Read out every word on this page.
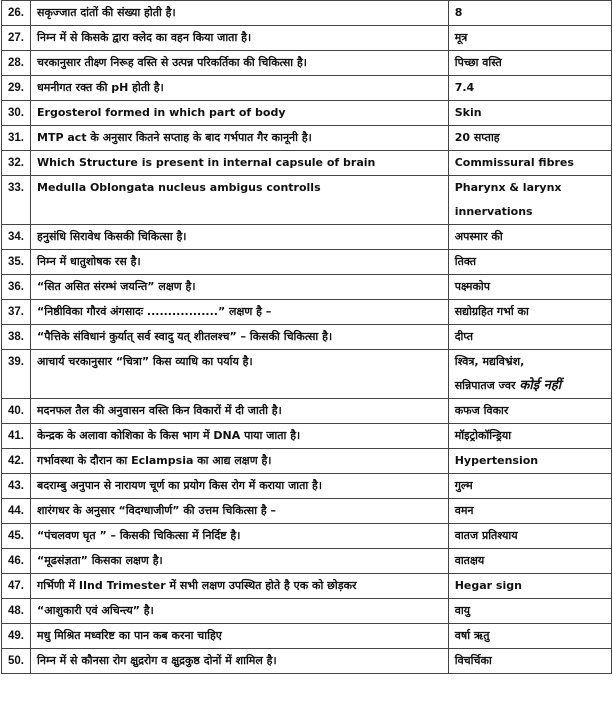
26.	सकृज्जात दांतों की संख्या होती है।	8
27.	निम्न में से किसके द्वारा क्लेद का वहन किया जाता है।	मूत्र
28.	चरकानुसार तीक्ष्ण निरूह वस्ति से उत्पन्न परिकर्तिका की चिकित्सा है।	पिच्छा वस्ति
29.	धमनीगत रक्त की pH होती है।	7.4
30.	Ergosterol formed in which part of body	Skin
31.	MTP act के अनुसार कितने सप्ताह के बाद गर्भपात गैर कानूनी है।	20 सप्ताह
32.	Which Structure is present in internal capsule of brain	Commissural fibres
33.	Medulla Oblongata nucleus ambigus controlls	Pharynx & larynx innervations
34.	हनुसंधि सिरावेध किसकी चिकित्सा है।	अपस्मार की
35.	निम्न में धातुशोषक रस है।	तिक्त
36.	“सित असित संरम्भं जयन्ति” लक्षण है।	पक्ष्मकोप
37.	“निष्ठीविका गौरवं अंगसादः .................” लक्षण है –	सद्योग्रहित गर्भा का
38.	“पैत्तिके संविधानं कुर्यात् सर्व स्वादु यत् शीतलश्च” – किसकी चिकित्सा है।	दीप्त
39.	आचार्य चरकानुसार “चित्रा” किस व्याधि का पर्याय है।	श्वित्र, मद्यविभ्रंश,
सन्निपातज ज्वर कोई नहीं

40.	मदनफल तैल की अनुवासन वस्ति किन विकारों में दी जाती है।	कफज विकार
41.	केन्द्रक के अलावा कोशिका के किस भाग में DNA पाया जाता है।	मॉइट्रोकॉन्ड्रिया
42.	गर्भावस्था के दौरान का Eclampsia का आद्य लक्षण है।	Hypertension
43.	बदराम्बु अनुपान से नारायण चूर्ण का प्रयोग किस रोग में कराया जाता है।	गुल्म
44.	शारंगधर के अनुसार “विदग्धाजीर्ण” की उत्तम चिकित्सा है –	वमन
45.	“पंचलवण घृत ” – किसकी चिकित्सा में निर्दिष्ट है।	वातज प्रतिश्याय
46.	“मूढसंज्ञता” किसका लक्षण है।	वातक्षय
47.	गर्भिणी में IInd Trimester में सभी लक्षण उपस्थित होते है एक को छोड़कर	Hegar sign
48.	“आशुकारी एवं अचिन्त्य” है।	वायु
49.	मधु मिश्रित मध्वरिष्ट का पान कब करना चाहिए	वर्षा ऋतु
50.	निम्न में से कौनसा रोग क्षुद्ररोग व क्षुद्रकुष्ठ दोनों में शामिल है।	विचर्चिका
